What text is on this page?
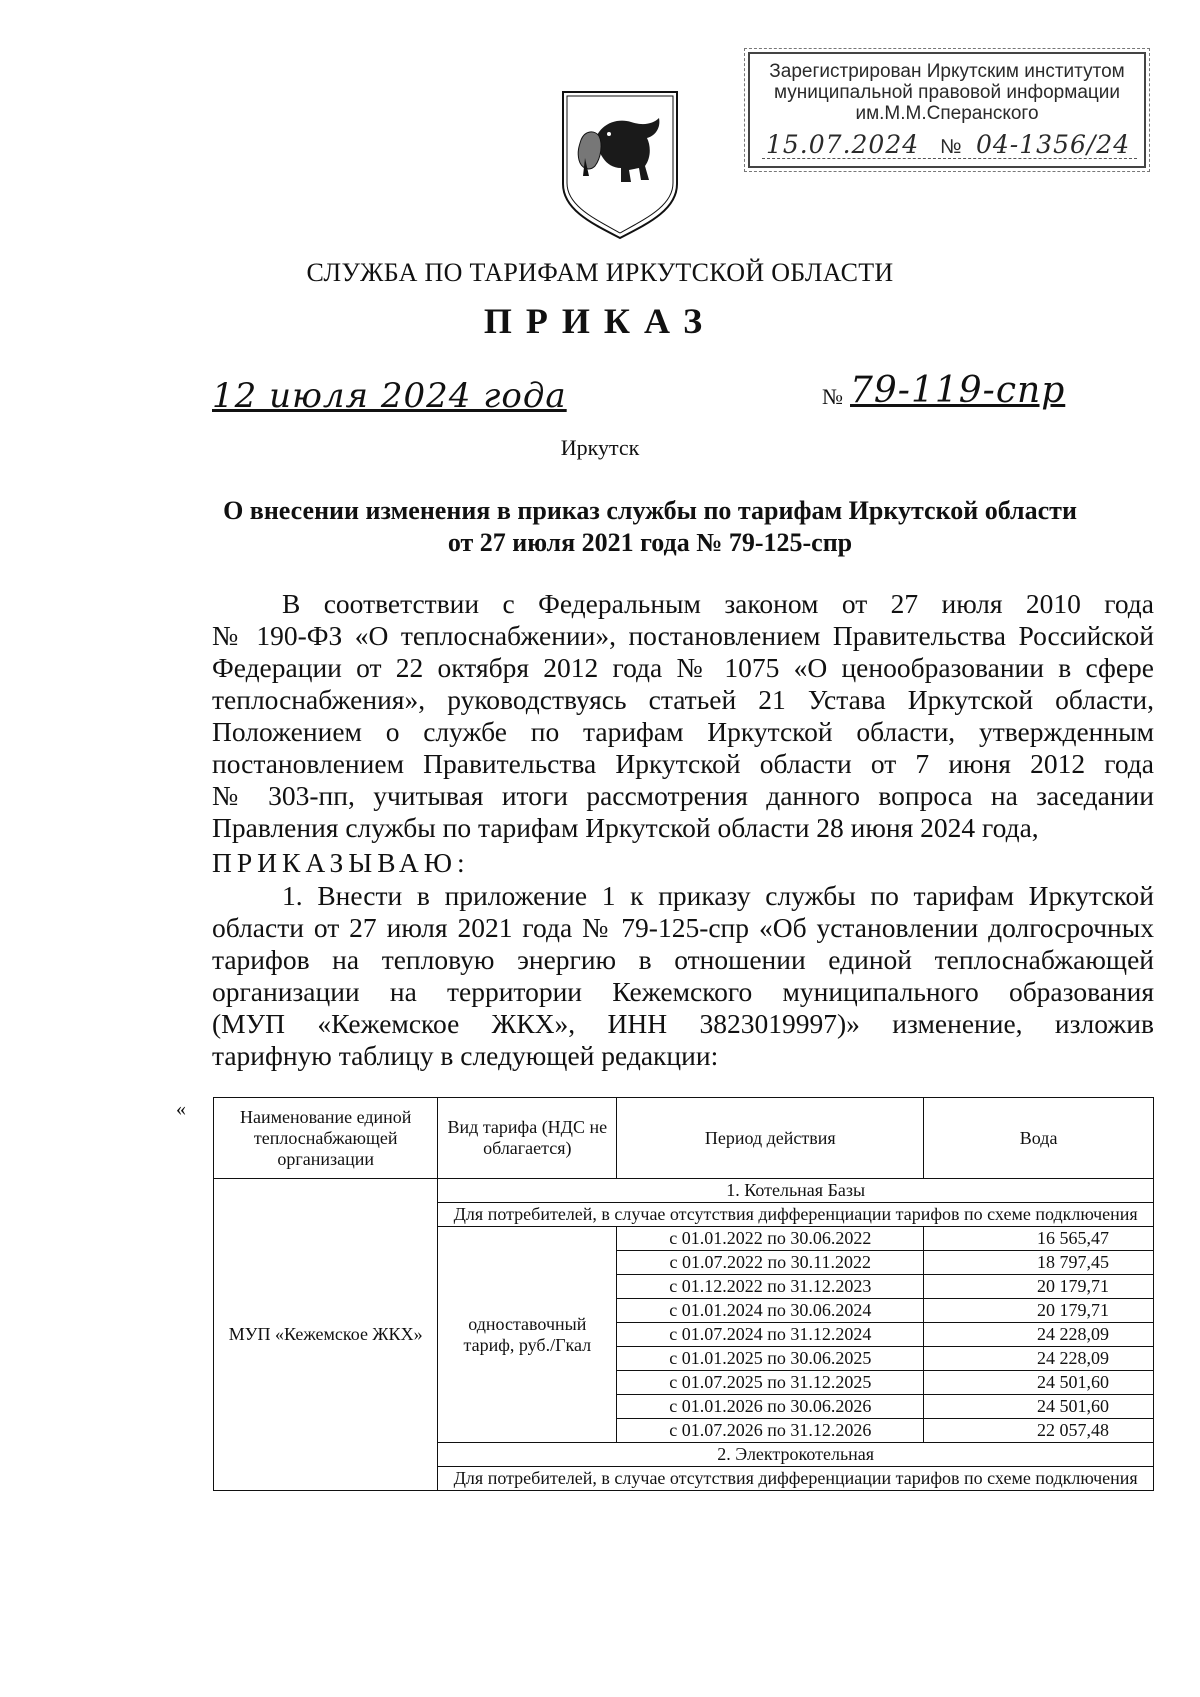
Зарегистрирован Иркутским институтом
муниципальной правовой информации
им.М.М.Сперанского
15.07.2024 № 04-1356/24
СЛУЖБА ПО ТАРИФАМ ИРКУТСКОЙ ОБЛАСТИ
ПРИКАЗ
12 июля 2024 года	№ 79-119-спр
Иркутск
О внесении изменения в приказ службы по тарифам Иркутской области
от 27 июля 2021 года № 79-125-спр
В соответствии с Федеральным законом от 27 июля 2010 года
№ 190-ФЗ «О теплоснабжении», постановлением Правительства Российской
Федерации от 22 октября 2012 года № 1075 «О ценообразовании в сфере
теплоснабжения», руководствуясь статьей 21 Устава Иркутской области,
Положением о службе по тарифам Иркутской области, утвержденным
постановлением Правительства Иркутской области от 7 июня 2012 года
№ 303-пп, учитывая итоги рассмотрения данного вопроса на заседании
Правления службы по тарифам Иркутской области 28 июня 2024 года,
ПРИКАЗЫВАЮ:
1. Внести в приложение 1 к приказу службы по тарифам Иркутской
области от 27 июля 2021 года № 79-125-спр «Об установлении долгосрочных
тарифов на тепловую энергию в отношении единой теплоснабжающей
организации на территории Кежемского муниципального образования
(МУП «Кежемское ЖКХ», ИНН 3823019997)» изменение, изложив
тарифную таблицу в следующей редакции:
«	Наименование единой теплоснабжающей организации	Вид тарифа (НДС не облагается)	Период действия	Вода
МУП «Кежемское ЖКХ»	1. Котельная Базы		
	Для потребителей, в случае отсутствия дифференциации тарифов по схеме подключения		
	одноставочный тариф, руб./Гкал	с 01.01.2022 по 30.06.2022	16 565,47
		с 01.07.2022 по 30.11.2022	18 797,45
		с 01.12.2022 по 31.12.2023	20 179,71
		с 01.01.2024 по 30.06.2024	20 179,71
		с 01.07.2024 по 31.12.2024	24 228,09
		с 01.01.2025 по 30.06.2025	24 228,09
		с 01.07.2025 по 31.12.2025	24 501,60
		с 01.01.2026 по 30.06.2026	24 501,60
		с 01.07.2026 по 31.12.2026	22 057,48
	2. Электрокотельная		
	Для потребителей, в случае отсутствия дифференциации тарифов по схеме подключения		
